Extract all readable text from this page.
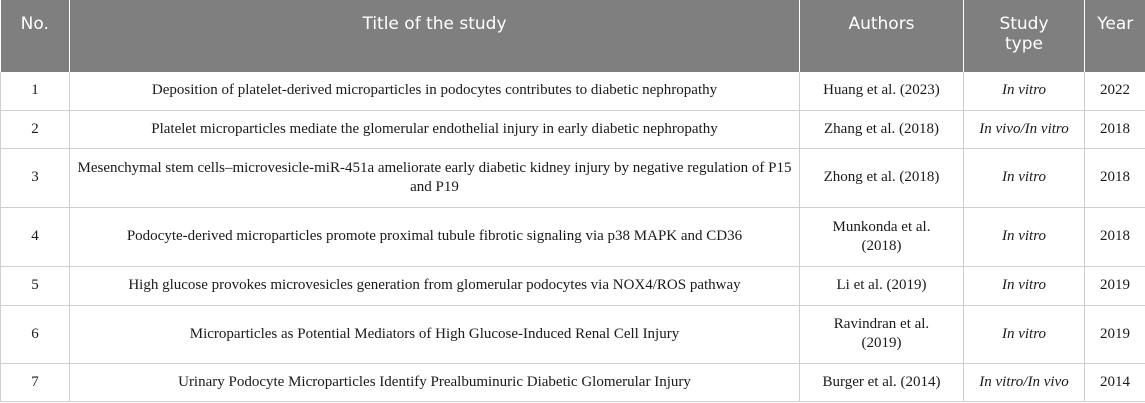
No.	Title of the study	Authors	Study type	Year
1	Deposition of platelet-derived microparticles in podocytes contributes to diabetic nephropathy	Huang et al. (2023)	In vitro	2022
2	Platelet microparticles mediate the glomerular endothelial injury in early diabetic nephropathy	Zhang et al. (2018)	In vivo/In vitro	2018
3	Mesenchymal stem cells–microvesicle-miR-451a ameliorate early diabetic kidney injury by negative regulation of P15 and P19	Zhong et al. (2018)	In vitro	2018
4	Podocyte-derived microparticles promote proximal tubule fibrotic signaling via p38 MAPK and CD36	Munkonda et al. (2018)	In vitro	2018
5	High glucose provokes microvesicles generation from glomerular podocytes via NOX4/ROS pathway	Li et al. (2019)	In vitro	2019
6	Microparticles as Potential Mediators of High Glucose-Induced Renal Cell Injury	Ravindran et al. (2019)	In vitro	2019
7	Urinary Podocyte Microparticles Identify Prealbuminuric Diabetic Glomerular Injury	Burger et al. (2014)	In vitro/In vivo	2014
